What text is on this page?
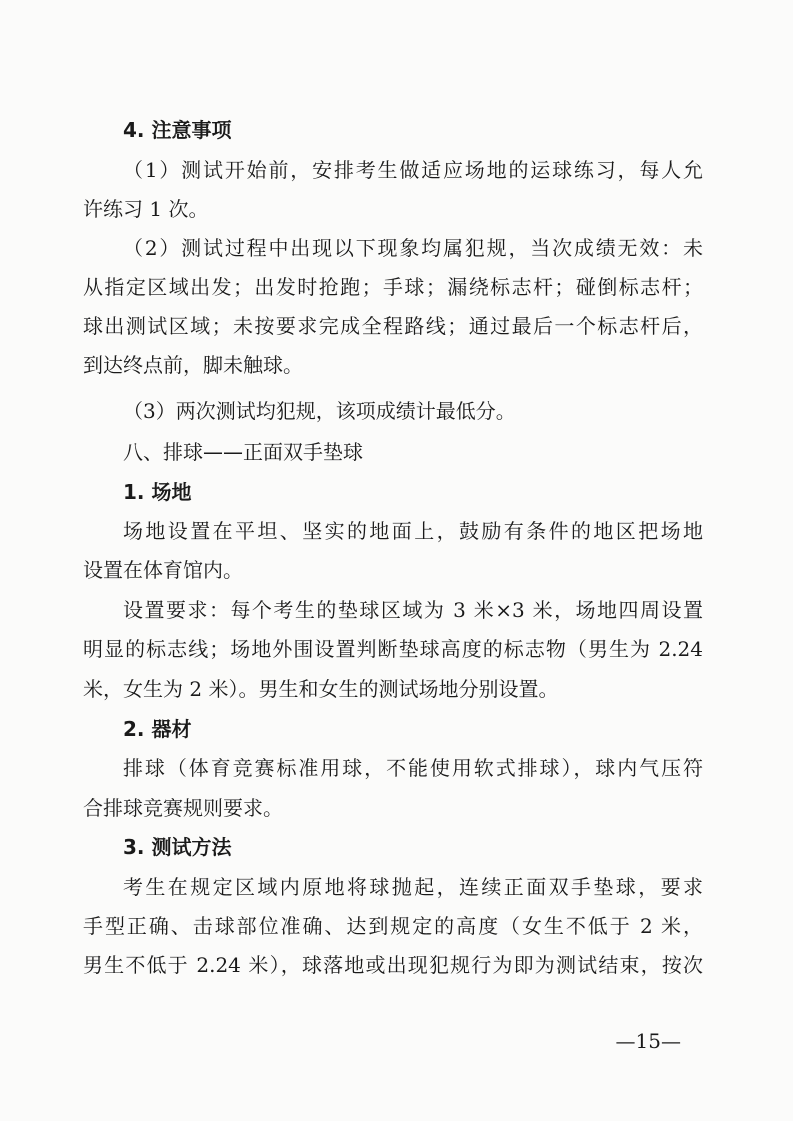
4. 注意事项
（1）测试开始前，安排考生做适应场地的运球练习，每人允
许练习 1 次。
（2）测试过程中出现以下现象均属犯规，当次成绩无效：未
从指定区域出发；出发时抢跑；手球；漏绕标志杆；碰倒标志杆；
球出测试区域；未按要求完成全程路线；通过最后一个标志杆后，
到达终点前，脚未触球。
（3）两次测试均犯规，该项成绩计最低分。
八、排球——正面双手垫球
1. 场地
场地设置在平坦、坚实的地面上，鼓励有条件的地区把场地
设置在体育馆内。
设置要求：每个考生的垫球区域为 3 米×3 米，场地四周设置
明显的标志线；场地外围设置判断垫球高度的标志物（男生为 2.24
米，女生为 2 米）。男生和女生的测试场地分别设置。
2. 器材
排球（体育竞赛标准用球，不能使用软式排球），球内气压符
合排球竞赛规则要求。
3. 测试方法
考生在规定区域内原地将球抛起，连续正面双手垫球，要求
手型正确、击球部位准确、达到规定的高度（女生不低于 2 米，
男生不低于 2.24 米），球落地或出现犯规行为即为测试结束，按次
—15—
